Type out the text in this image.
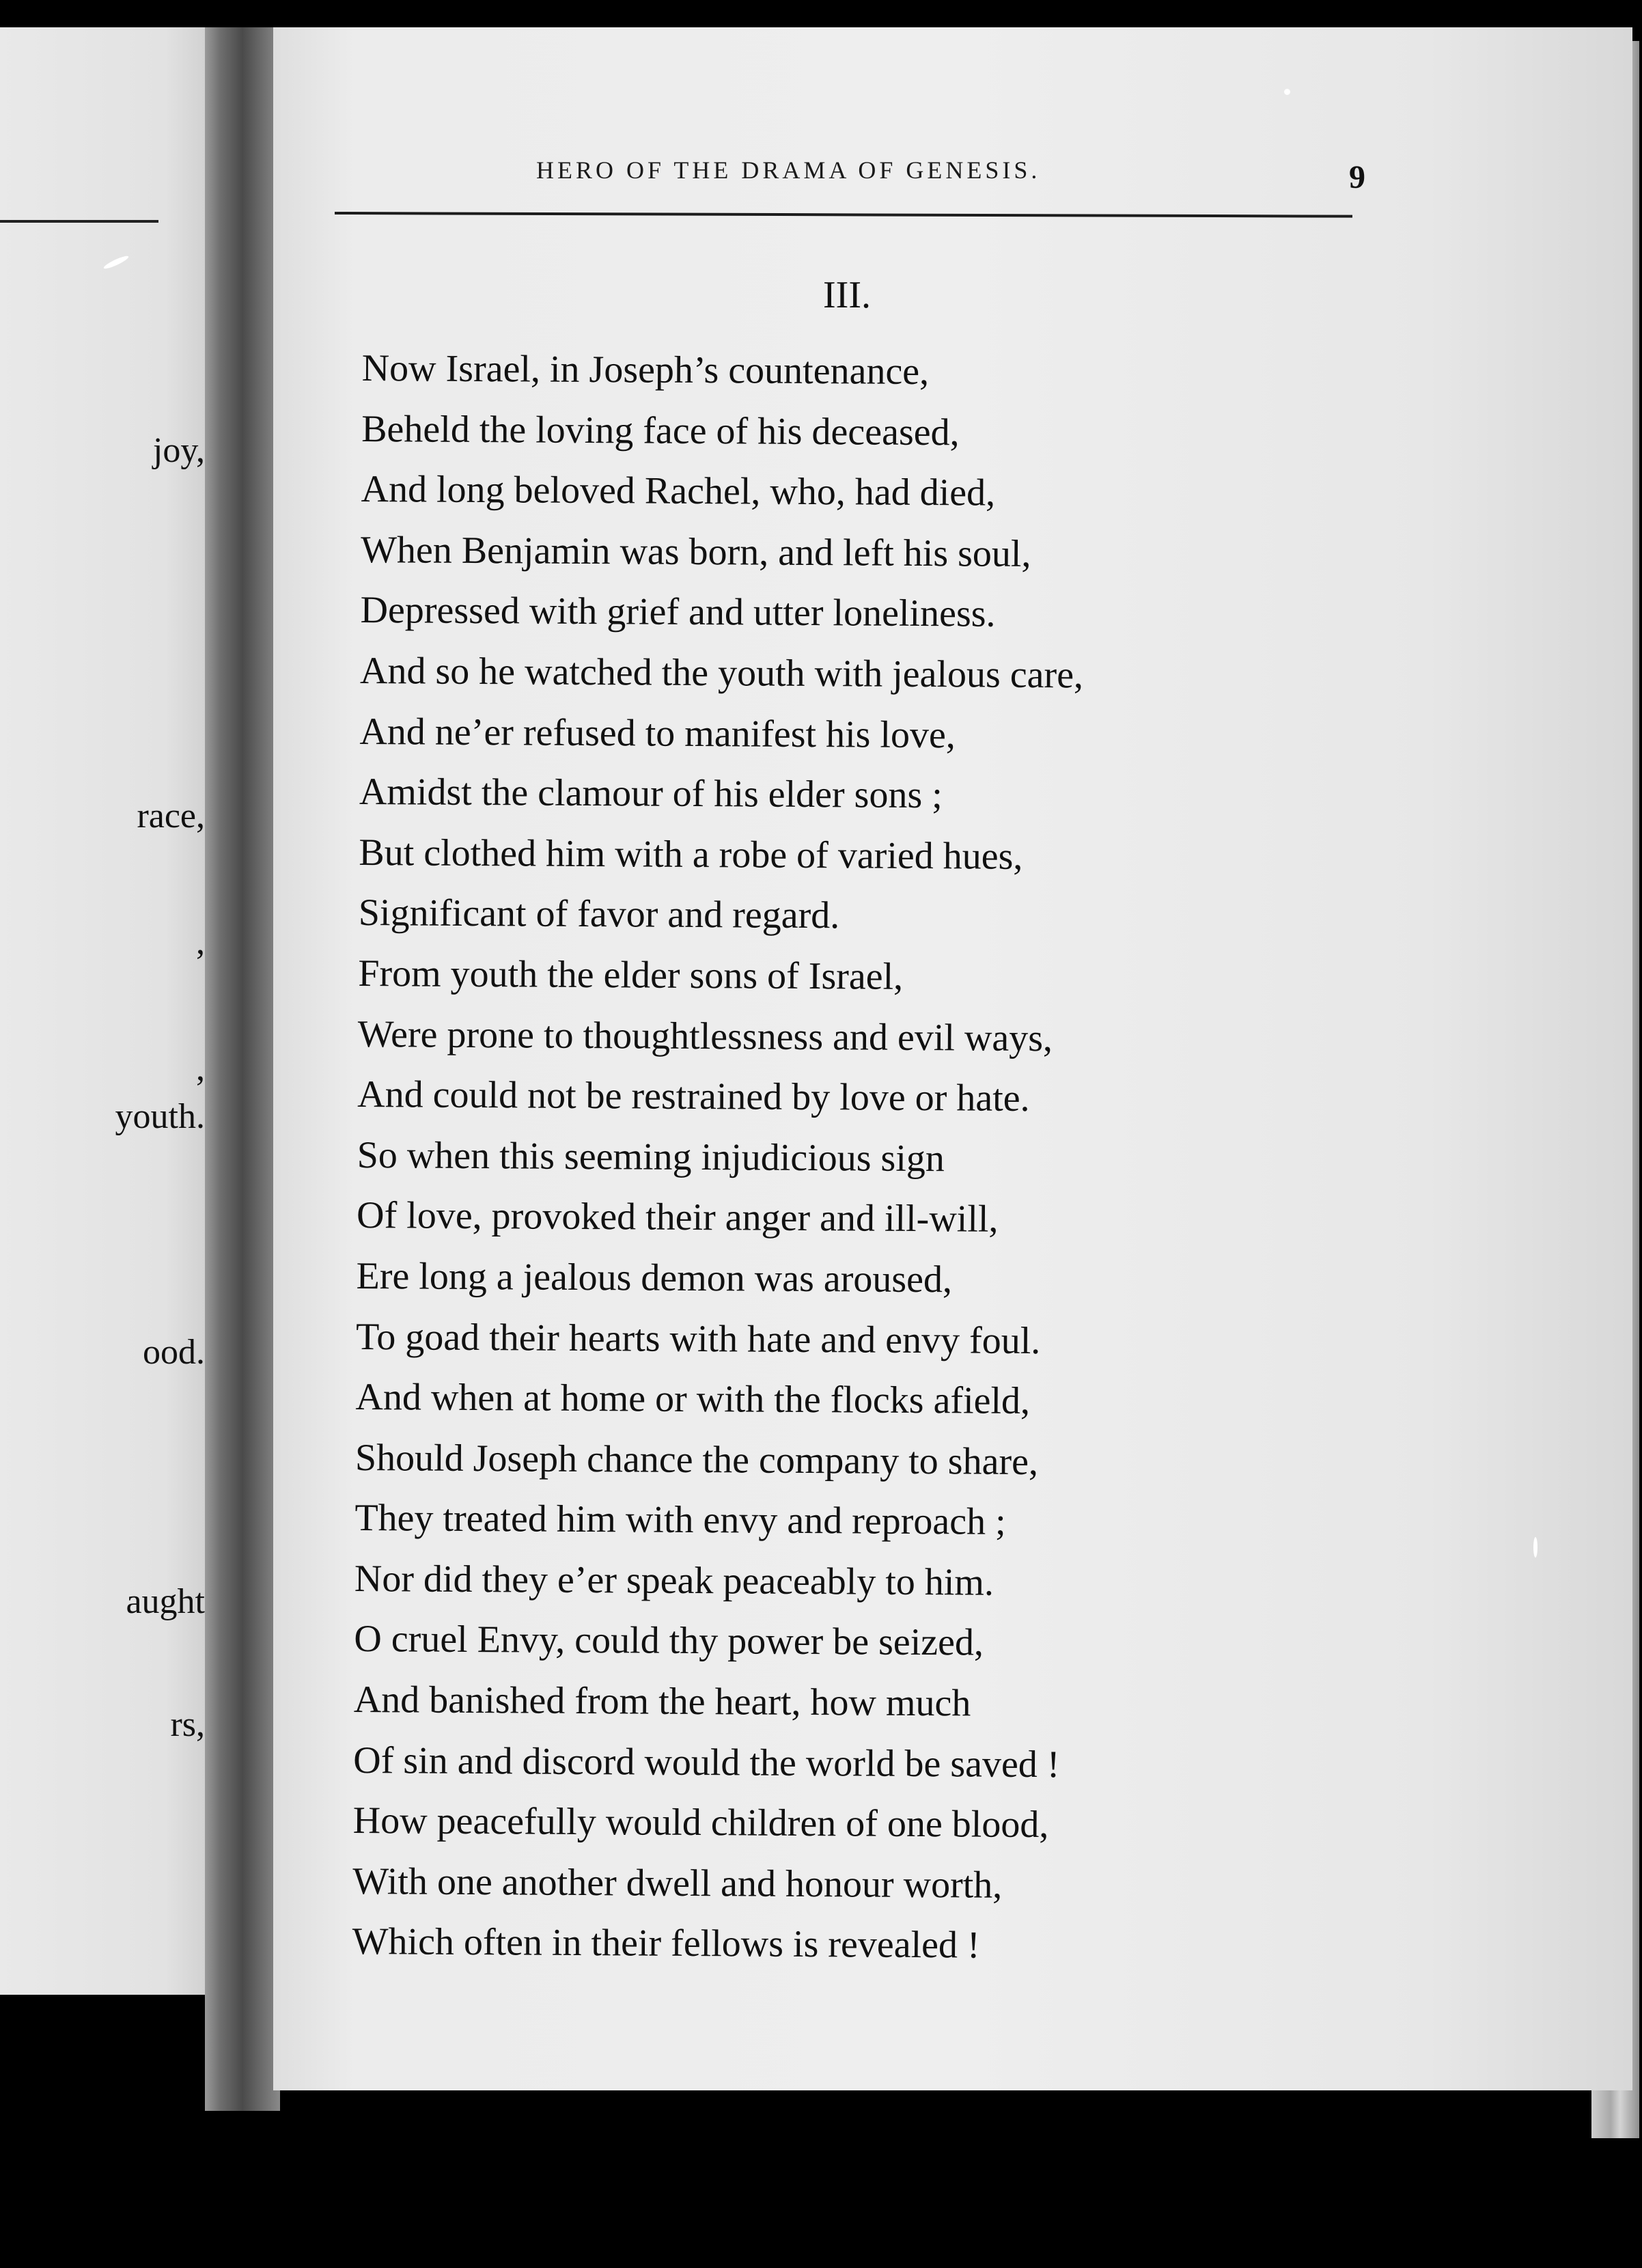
joy,
race,
,
,
youth.
ood.
aught
rs,
HERO OF THE DRAMA OF GENESIS.	9
III.
Now Israel, in Joseph’s countenance,
Beheld the loving face of his deceased,
And long beloved Rachel, who, had died,
When Benjamin was born, and left his soul,
Depressed with grief and utter loneliness.
And so he watched the youth with jealous care,
And ne’er refused to manifest his love,
Amidst the clamour of his elder sons ;
But clothed him with a robe of varied hues,
Significant of favor and regard.
From youth the elder sons of Israel,
Were prone to thoughtlessness and evil ways,
And could not be restrained by love or hate.
So when this seeming injudicious sign
Of love, provoked their anger and ill-will,
Ere long a jealous demon was aroused,
To goad their hearts with hate and envy foul.
And when at home or with the flocks afield,
Should Joseph chance the company to share,
They treated him with envy and reproach ;
Nor did they e’er speak peaceably to him.
O cruel Envy, could thy power be seized,
And banished from the heart, how much
Of sin and discord would the world be saved !
How peacefully would children of one blood,
With one another dwell and honour worth,
Which often in their fellows is revealed !
